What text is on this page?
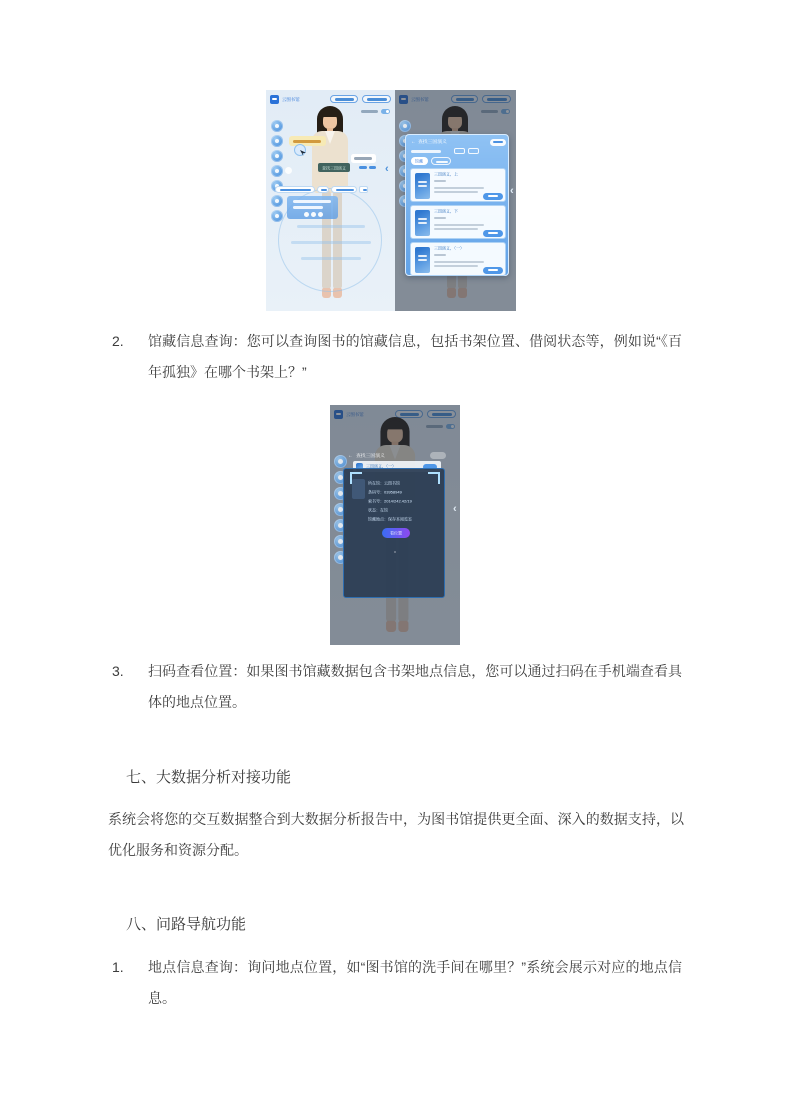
云图书馆
查找三国演义	‹
← 查找三国演义
馆藏
三国演义，上
三国演义，下
三国演义，（一）
‹
2.	馆藏信息查询：您可以查询图书的馆藏信息，包括书架位置、借阅状态等，例如说“《百年孤独》在哪个书架上？”
← 查找三国演义
三国演义，（一）
所在馆：云图书馆
条码号：03958949
索书号：2014/242.42/19
状态：在馆
馆藏地点：保存本阅览室
看位置
‹
3.	扫码查看位置：如果图书馆藏数据包含书架地点信息，您可以通过扫码在手机端查看具体的地点位置。
七、大数据分析对接功能
系统会将您的交互数据整合到大数据分析报告中，为图书馆提供更全面、深入的数据支持，以优化服务和资源分配。
八、问路导航功能
1.	地点信息查询：询问地点位置，如“图书馆的洗手间在哪里？”系统会展示对应的地点信息。
